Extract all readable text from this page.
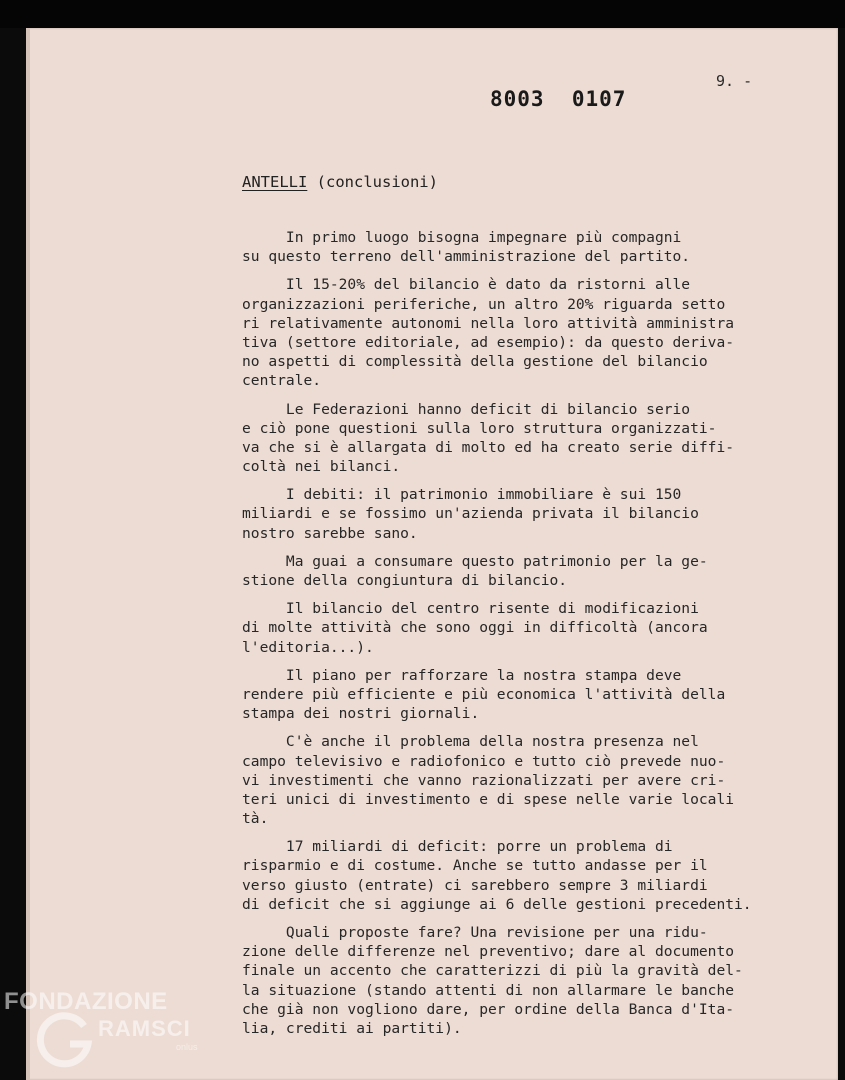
9. -
8003  0107
ANTELLI (conclusioni)
In primo luogo bisogna impegnare più compagni
su questo terreno dell'amministrazione del partito.
Il 15-20% del bilancio è dato da ristorni alle
organizzazioni periferiche, un altro 20% riguarda setto
ri relativamente autonomi nella loro attività amministra
tiva (settore editoriale, ad esempio): da questo deriva-
no aspetti di complessità della gestione del bilancio
centrale.
Le Federazioni hanno deficit di bilancio serio
e ciò pone questioni sulla loro struttura organizzati-
va che si è allargata di molto ed ha creato serie diffi-
coltà nei bilanci.
I debiti: il patrimonio immobiliare è sui 150
miliardi e se fossimo un'azienda privata il bilancio
nostro sarebbe sano.
Ma guai a consumare questo patrimonio per la ge-
stione della congiuntura di bilancio.
Il bilancio del centro risente di modificazioni
di molte attività che sono oggi in difficoltà (ancora
l'editoria...).
Il piano per rafforzare la nostra stampa deve
rendere più efficiente e più economica l'attività della
stampa dei nostri giornali.
C'è anche il problema della nostra presenza nel
campo televisivo e radiofonico e tutto ciò prevede nuo-
vi investimenti che vanno razionalizzati per avere cri-
teri unici di investimento e di spese nelle varie locali
tà.
17 miliardi di deficit: porre un problema di
risparmio e di costume. Anche se tutto andasse per il
verso giusto (entrate) ci sarebbero sempre 3 miliardi
di deficit che si aggiunge ai 6 delle gestioni precedenti.
Quali proposte fare? Una revisione per una ridu-
zione delle differenze nel preventivo; dare al documento
finale un accento che caratterizzi di più la gravità del-
la situazione (stando attenti di non allarmare le banche
che già non vogliono dare, per ordine della Banca d'Ita-
lia, crediti ai partiti).
FONDAZIONE
RAMSCI
onlus
